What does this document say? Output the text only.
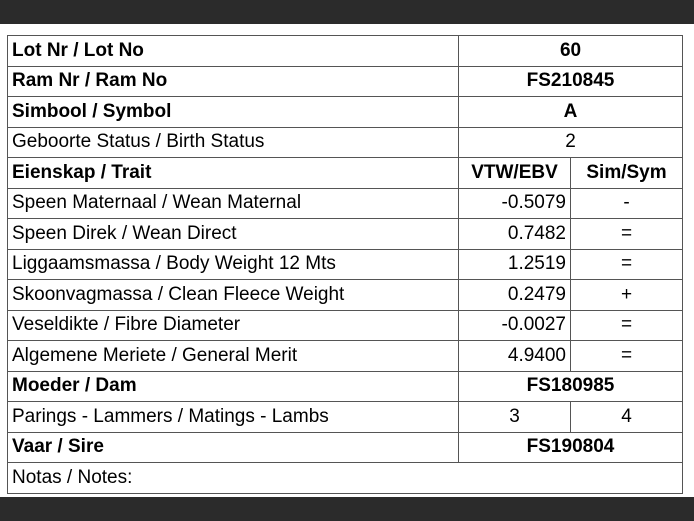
Lot Nr / Lot No	60	
Ram Nr / Ram No	FS210845	
Simbool / Symbol	A	
Geboorte Status / Birth Status	2	
Eienskap / Trait	VTW/EBV	Sim/Sym
Speen Maternaal / Wean Maternal	-0.5079	-
Speen Direk / Wean Direct	0.7482	=
Liggaamsmassa / Body Weight 12 Mts	1.2519	=
Skoonvagmassa / Clean Fleece Weight	0.2479	+
Veseldikte / Fibre Diameter	-0.0027	=
Algemene Meriete / General Merit	4.9400	=
Moeder / Dam	FS180985	
Parings - Lammers / Matings - Lambs	3	4
Vaar / Sire	FS190804	
Notas / Notes:		
